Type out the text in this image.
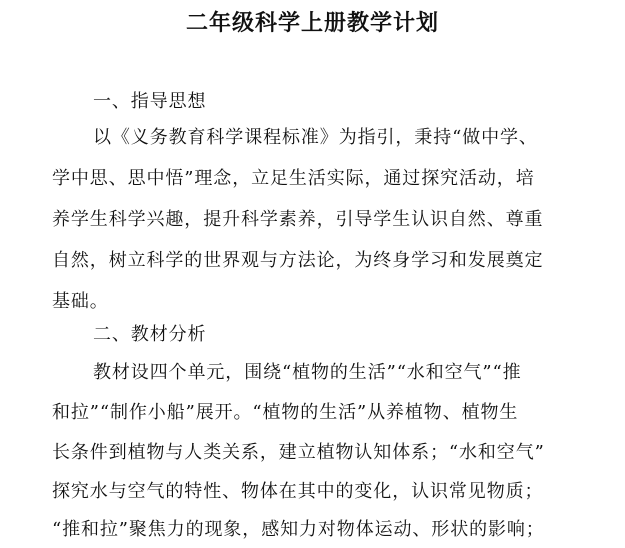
二年级科学上册教学计划
一、指导思想
以《义务教育科学课程标准》为指引，秉持“做中学、
学中思、思中悟”理念，立足生活实际，通过探究活动，培
养学生科学兴趣，提升科学素养，引导学生认识自然、尊重
自然，树立科学的世界观与方法论，为终身学习和发展奠定
基础。
二、教材分析
教材设四个单元，围绕“植物的生活”“水和空气”“推
和拉”“制作小船”展开。“植物的生活”从养植物、植物生
长条件到植物与人类关系，建立植物认知体系；“水和空气”
探究水与空气的特性、物体在其中的变化，认识常见物质；
“推和拉”聚焦力的现象，感知力对物体运动、形状的影响；
